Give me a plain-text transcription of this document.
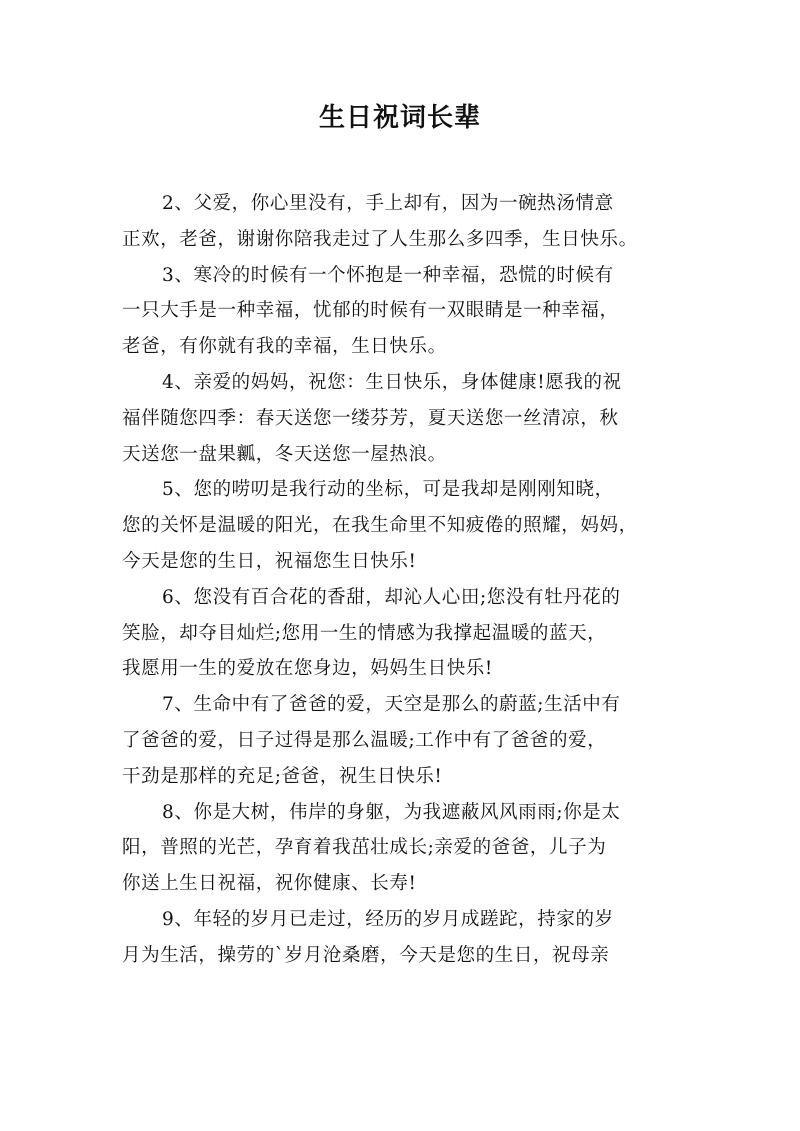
生日祝词长辈
2、父爱，你心里没有，手上却有，因为一碗热汤情意
正欢，老爸，谢谢你陪我走过了人生那么多四季，生日快乐。
3、寒冷的时候有一个怀抱是一种幸福，恐慌的时候有
一只大手是一种幸福，忧郁的时候有一双眼睛是一种幸福，
老爸，有你就有我的幸福，生日快乐。
4、亲爱的妈妈，祝您：生日快乐，身体健康!愿我的祝
福伴随您四季：春天送您一缕芬芳，夏天送您一丝清凉，秋
天送您一盘果瓤，冬天送您一屋热浪。
5、您的唠叨是我行动的坐标，可是我却是刚刚知晓，
您的关怀是温暖的阳光，在我生命里不知疲倦的照耀，妈妈，
今天是您的生日，祝福您生日快乐!
6、您没有百合花的香甜，却沁人心田;您没有牡丹花的
笑脸，却夺目灿烂;您用一生的情感为我撑起温暖的蓝天，
我愿用一生的爱放在您身边，妈妈生日快乐!
7、生命中有了爸爸的爱，天空是那么的蔚蓝;生活中有
了爸爸的爱，日子过得是那么温暖;工作中有了爸爸的爱，
干劲是那样的充足;爸爸，祝生日快乐!
8、你是大树，伟岸的身躯，为我遮蔽风风雨雨;你是太
阳，普照的光芒，孕育着我茁壮成长;亲爱的爸爸，儿子为
你送上生日祝福，祝你健康、长寿!
9、年轻的岁月已走过，经历的岁月成蹉跎，持家的岁
月为生活，操劳的`岁月沧桑磨，今天是您的生日，祝母亲
